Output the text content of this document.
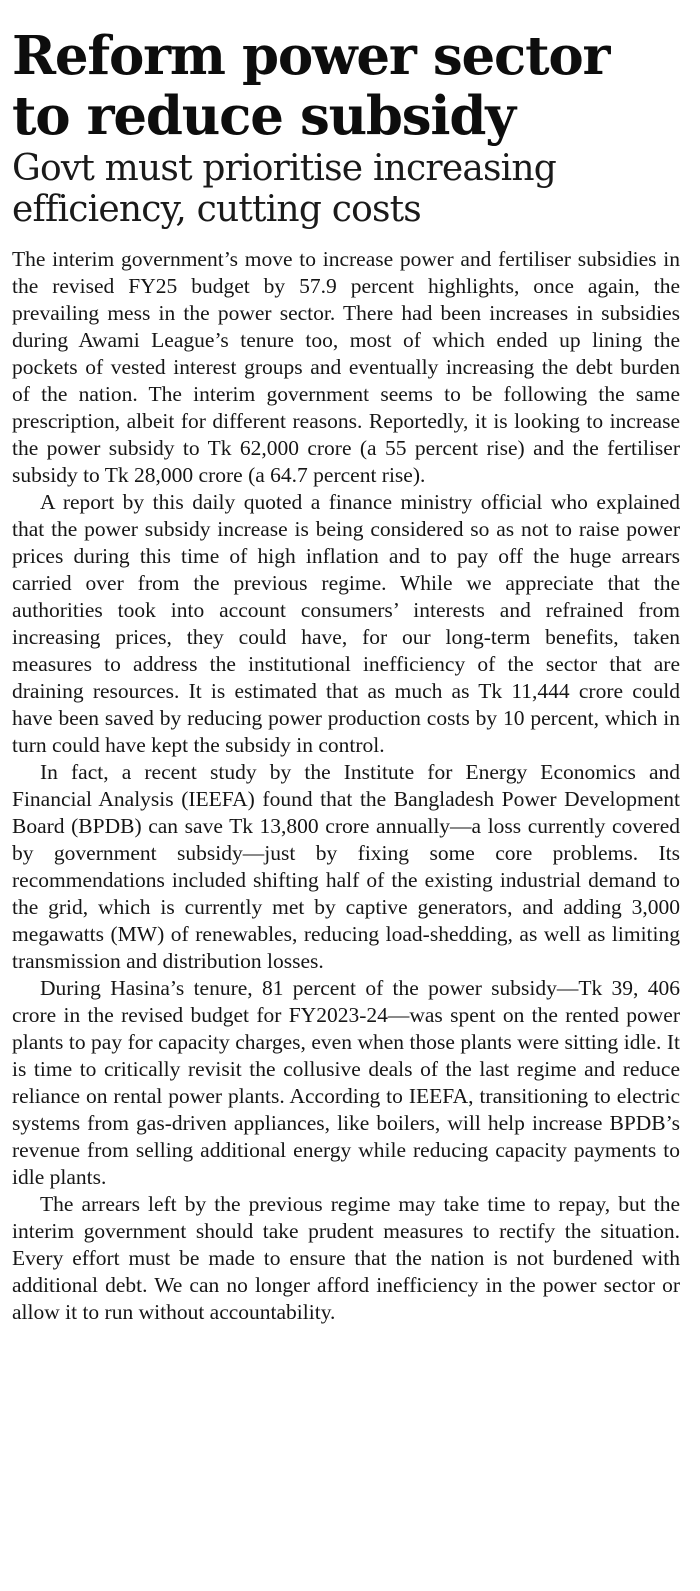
Reform power sector to reduce subsidy
Govt must prioritise increasing efficiency, cutting costs

The interim government’s move to increase power and fertiliser subsidies in the revised FY25 budget by 57.9 percent highlights, once again, the prevailing mess in the power sector. There had been increases in subsidies during Awami League’s tenure too, most of which ended up lining the pockets of vested interest groups and eventually increasing the debt burden of the nation. The interim government seems to be following the same prescription, albeit for different reasons. Reportedly, it is looking to increase the power subsidy to Tk 62,000 crore (a 55 percent rise) and the fertiliser subsidy to Tk 28,000 crore (a 64.7 percent rise).

A report by this daily quoted a finance ministry official who explained that the power subsidy increase is being considered so as not to raise power prices during this time of high inflation and to pay off the huge arrears carried over from the previous regime. While we appreciate that the authorities took into account consumers’ interests and refrained from increasing prices, they could have, for our long-term benefits, taken measures to address the institutional inefficiency of the sector that are draining resources. It is estimated that as much as Tk 11,444 crore could have been saved by reducing power production costs by 10 percent, which in turn could have kept the subsidy in control.

In fact, a recent study by the Institute for Energy Economics and Financial Analysis (IEEFA) found that the Bangladesh Power Development Board (BPDB) can save Tk 13,800 crore annually—a loss currently covered by government subsidy—just by fixing some core problems. Its recommendations included shifting half of the existing industrial demand to the grid, which is currently met by captive generators, and adding 3,000 megawatts (MW) of renewables, reducing load-shedding, as well as limiting transmission and distribution losses.

During Hasina’s tenure, 81 percent of the power subsidy—Tk 39, 406 crore in the revised budget for FY2023-24—was spent on the rented power plants to pay for capacity charges, even when those plants were sitting idle. It is time to critically revisit the collusive deals of the last regime and reduce reliance on rental power plants. According to IEEFA, transitioning to electric systems from gas-driven appliances, like boilers, will help increase BPDB’s revenue from selling additional energy while reducing capacity payments to idle plants.

The arrears left by the previous regime may take time to repay, but the interim government should take prudent measures to rectify the situation. Every effort must be made to ensure that the nation is not burdened with additional debt. We can no longer afford inefficiency in the power sector or allow it to run without accountability.
